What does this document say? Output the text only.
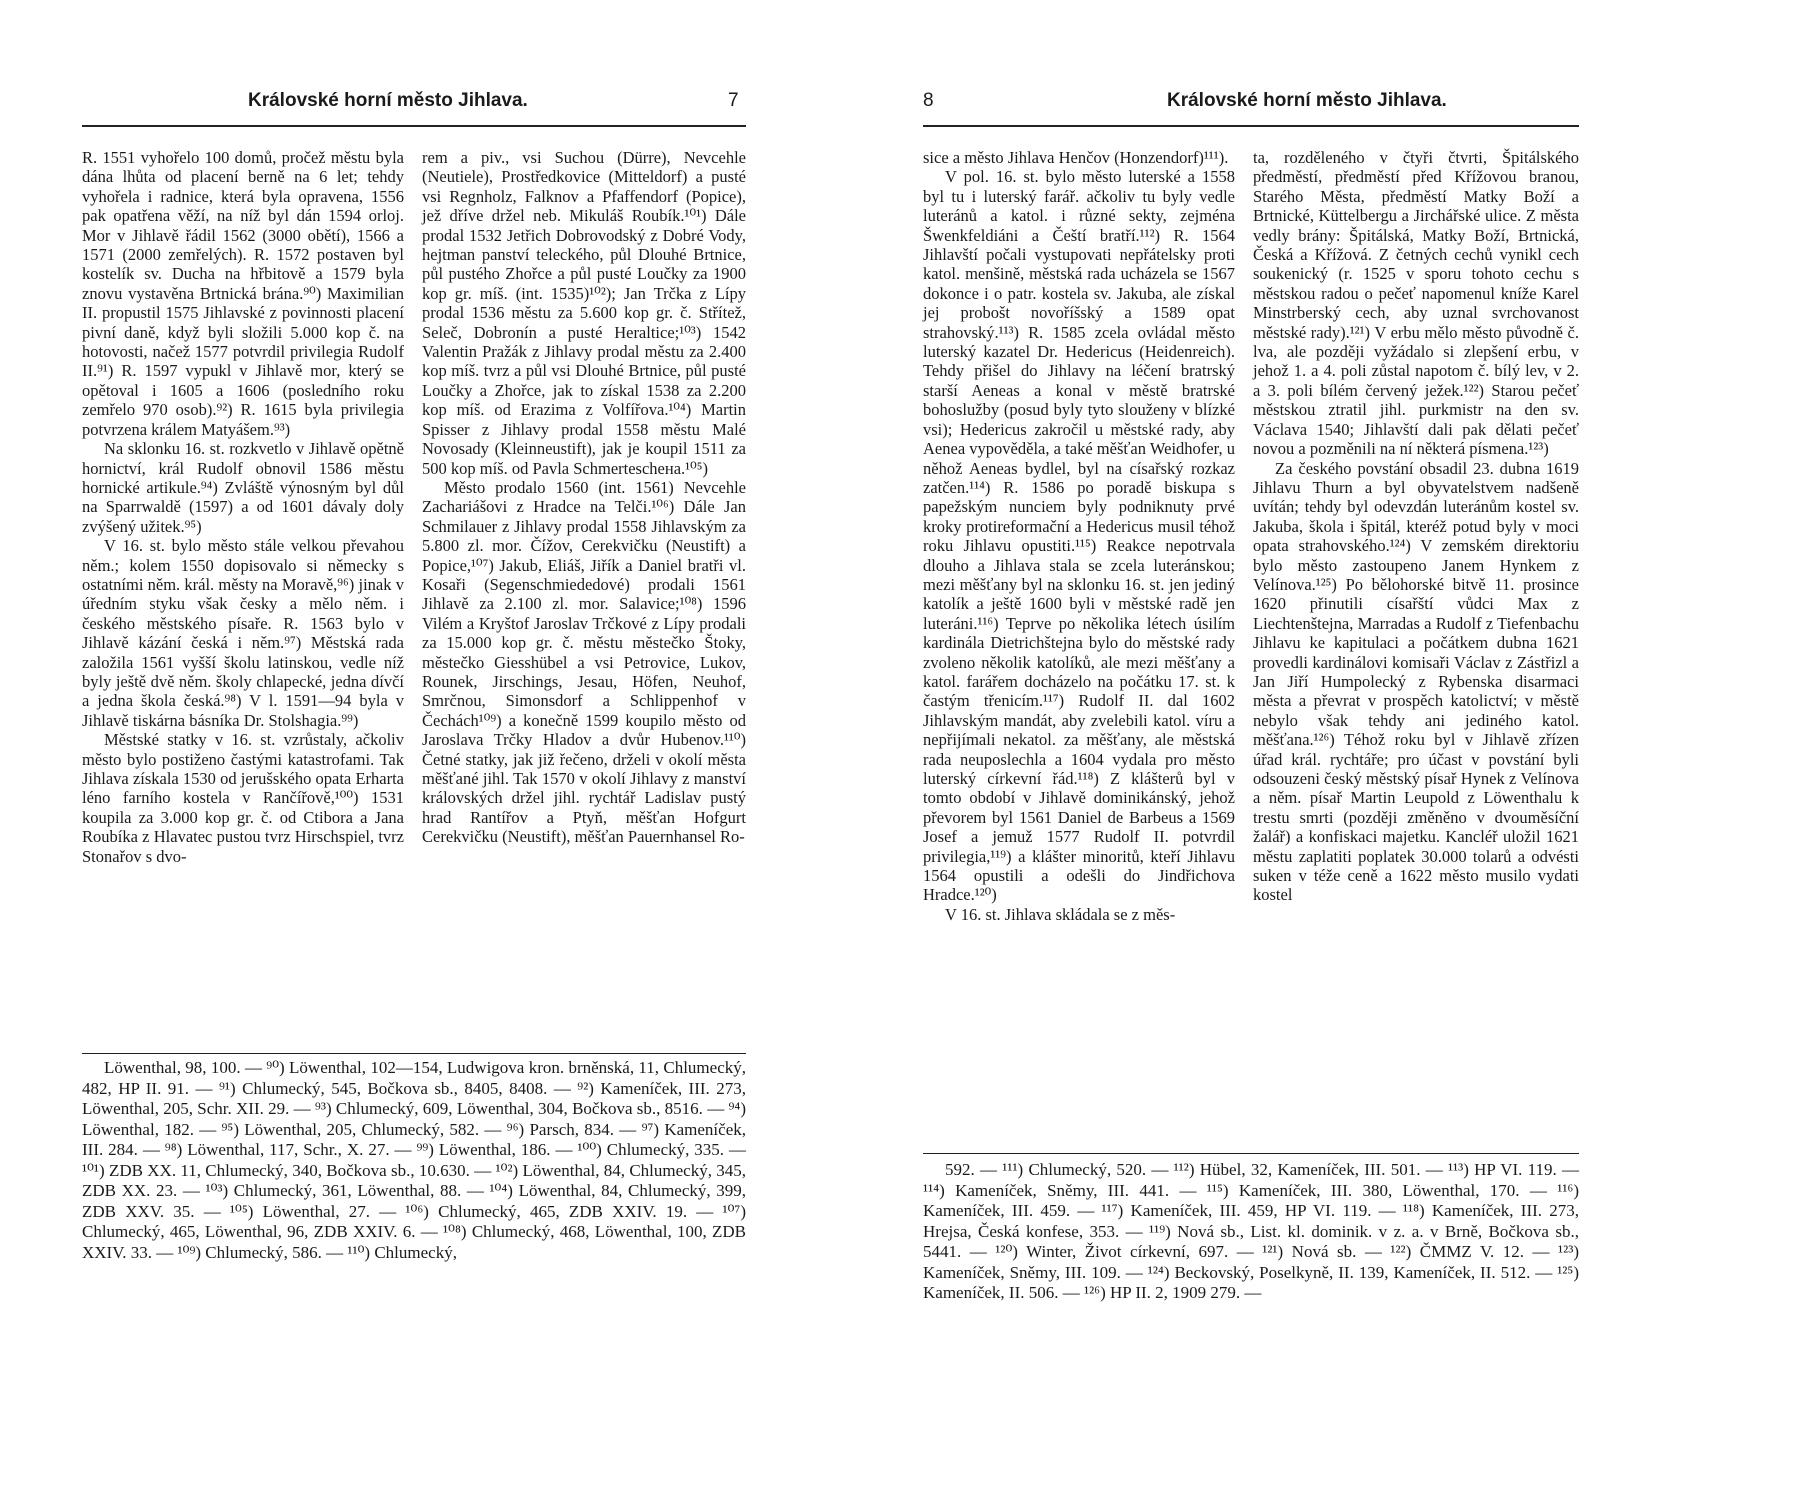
Královské horní město Jihlava.	7

R. 1551 vyhořelo 100 domů, pročež městu byla dána lhůta od placení berně na 6 let; tehdy vyhořela i radnice, která byla opravena, 1556 pak opatřena věží, na níž byl dán 1594 orloj. Mor v Jihlavě řádil 1562 (3000 obětí), 1566 a 1571 (2000 zemřelých). R. 1572 postaven byl kostelík sv. Ducha na hřbitově a 1579 byla znovu vystavěna Brtnická brána.⁹⁰) Maximilian II. propustil 1575 Jihlavské z povinnosti placení pivní daně, když byli složili 5.000 kop č. na hotovosti, načež 1577 potvrdil privilegia Rudolf II.⁹¹) R. 1597 vypukl v Jihlavě mor, který se opětoval i 1605 a 1606 (posledního roku zemřelo 970 osob).⁹²) R. 1615 byla privilegia potvrzena králem Matyášem.⁹³)

Na sklonku 16. st. rozkvetlo v Jihlavě opětně hornictví, král Rudolf obnovil 1586 městu hornické artikule.⁹⁴) Zvláště výnosným byl důl na Sparrwaldě (1597) a od 1601 dávaly doly zvýšený užitek.⁹⁵)

V 16. st. bylo město stále velkou převahou něm.; kolem 1550 dopisovalo si německy s ostatními něm. král. městy na Moravě,⁹⁶) jinak v úředním styku však česky a mělo něm. i českého městského písaře. R. 1563 bylo v Jihlavě kázání česká i něm.⁹⁷) Městská rada založila 1561 vyšší školu latinskou, vedle níž byly ještě dvě něm. školy chlapecké, jedna dívčí a jedna škola česká.⁹⁸) V l. 1591—94 byla v Jihlavě tiskárna básníka Dr. Stolshagia.⁹⁹)

Městské statky v 16. st. vzrůstaly, ačkoliv město bylo postiženo častými katastrofami. Tak Jihlava získala 1530 od jerušského opata Erharta léno farního kostela v Rančířově,¹⁰⁰) 1531 koupila za 3.000 kop gr. č. od Ctibora a Jana Roubíka z Hlavatec pustou tvrz Hirschspiel, tvrz Stonařov s dvo-

rem a piv., vsi Suchou (Dürre), Nevcehle (Neutiele), Prostředkovice (Mitteldorf) a pusté vsi Regnholz, Falknov a Pfaffendorf (Popice), jež dříve držel neb. Mikuláš Roubík.¹⁰¹) Dále prodal 1532 Jetřich Dobrovodský z Dobré Vody, hejtman panství teleckého, půl Dlouhé Brtnice, půl pustého Zhořce a půl pusté Loučky za 1900 kop gr. míš. (int. 1535)¹⁰²); Jan Trčka z Lípy prodal 1536 městu za 5.600 kop gr. č. Střítež, Seleč, Dobronín a pusté Heraltice;¹⁰³) 1542 Valentin Pražák z Jihlavy prodal městu za 2.400 kop míš. tvrz a půl vsi Dlouhé Brtnice, půl pusté Loučky a Zhořce, jak to získal 1538 za 2.200 kop míš. od Erazima z Volfířova.¹⁰⁴) Martin Spisser z Jihlavy prodal 1558 městu Malé Novosady (Kleinneustift), jak je koupil 1511 za 500 kop míš. od Pavla Schmertescheна.¹⁰⁵)

Město prodalo 1560 (int. 1561) Nevcehle Zachariášovi z Hradce na Telči.¹⁰⁶) Dále Jan Schmilauer z Jihlavy prodal 1558 Jihlavským za 5.800 zl. mor. Čížov, Cerekvičku (Neustift) a Popice,¹⁰⁷) Jakub, Eliáš, Jiřík a Daniel bratři vl. Kosaři (Segenschmiededové) prodali 1561 Jihlavě za 2.100 zl. mor. Salavice;¹⁰⁸) 1596 Vilém a Kryštof Jaroslav Trčkové z Lípy prodali za 15.000 kop gr. č. městu městečko Štoky, městečko Giesshübel a vsi Petrovice, Lukov, Rounek, Jirschings, Jesau, Höfen, Neuhof, Smrčnou, Simonsdorf a Schlippenhof v Čechách¹⁰⁹) a konečně 1599 koupilo město od Jaroslava Trčky Hladov a dvůr Hubenov.¹¹⁰) Četné statky, jak již řečeno, drželi v okolí města měšťané jihl. Tak 1570 v okolí Jihlavy z manství královských držel jihl. rychtář Ladislav pustý hrad Rantířov a Ptyň, měšťan Hofgurt Cerekvičku (Neustift), měšťan Pauernhansel Ro-

Löwenthal, 98, 100. — ⁹⁰) Löwenthal, 102—154, Ludwigova kron. brněnská, 11, Chlumecký, 482, HP II. 91. — ⁹¹) Chlumecký, 545, Bočkova sb., 8405, 8408. — ⁹²) Kameníček, III. 273, Löwenthal, 205, Schr. XII. 29. — ⁹³) Chlumecký, 609, Löwenthal, 304, Bočkova sb., 8516. — ⁹⁴) Löwenthal, 182. — ⁹⁵) Löwenthal, 205, Chlumecký, 582. — ⁹⁶) Parsch, 834. — ⁹⁷) Kameníček, III. 284. — ⁹⁸) Löwenthal, 117, Schr., X. 27. — ⁹⁹) Löwenthal, 186. — ¹⁰⁰) Chlumecký, 335. — ¹⁰¹) ZDB XX. 11, Chlumecký, 340, Bočkova sb., 10.630. — ¹⁰²) Löwenthal, 84, Chlumecký, 345, ZDB XX. 23. — ¹⁰³) Chlumecký, 361, Löwenthal, 88. — ¹⁰⁴) Löwenthal, 84, Chlumecký, 399, ZDB XXV. 35. — ¹⁰⁵) Löwenthal, 27. — ¹⁰⁶) Chlumecký, 465, ZDB XXIV. 19. — ¹⁰⁷) Chlumecký, 465, Löwenthal, 96, ZDB XXIV. 6. — ¹⁰⁸) Chlumecký, 468, Löwenthal, 100, ZDB XXIV. 33. — ¹⁰⁹) Chlumecký, 586. — ¹¹⁰) Chlumecký,
8	Královské horní město Jihlava.

sice a město Jihlava Henčov (Honzendorf)¹¹¹).

V pol. 16. st. bylo město luterské a 1558 byl tu i luterský farář. ačkoliv tu byly vedle luteránů a katol. i různé sekty, zejména Šwenkfeldiáni a Čeští bratří.¹¹²) R. 1564 Jihlavští počali vystupovati nepřátelsky proti katol. menšině, městská rada ucházela se 1567 dokonce i o patr. kostela sv. Jakuba, ale získal jej probošt novoříšský a 1589 opat strahovský.¹¹³) R. 1585 zcela ovládal město luterský kazatel Dr. Hedericus (Heidenreich). Tehdy přišel do Jihlavy na léčení bratrský starší Aeneas a konal v městě bratrské bohoslužby (posud byly tyto slouženy v blízké vsi); Hedericus zakročil u městské rady, aby Aenea vypověděla, a také měšťan Weidhofer, u něhož Aeneas bydlel, byl na císařský rozkaz zatčen.¹¹⁴) R. 1586 po poradě biskupa s papežským nunciem byly podniknuty prvé kroky protireformační a Hedericus musil téhož roku Jihlavu opustiti.¹¹⁵) Reakce nepotrvala dlouho a Jihlava stala se zcela luteránskou; mezi měšťany byl na sklonku 16. st. jen jediný katolík a ještě 1600 byli v městské radě jen luteráni.¹¹⁶) Teprve po několika létech úsilím kardinála Dietrichštejna bylo do městské rady zvoleno několik katolíků, ale mezi měšťany a katol. farářem docházelo na počátku 17. st. k častým třenicím.¹¹⁷) Rudolf II. dal 1602 Jihlavským mandát, aby zvelebili katol. víru a nepřijímali nekatol. za měšťany, ale městská rada neuposlechla a 1604 vydala pro město luterský církevní řád.¹¹⁸) Z klášterů byl v tomto období v Jihlavě dominikánský, jehož převorem byl 1561 Daniel de Barbeus a 1569 Josef a jemuž 1577 Rudolf II. potvrdil privilegia,¹¹⁹) a klášter minoritů, kteří Jihlavu 1564 opustili a odešli do Jindřichova Hradce.¹²⁰)

V 16. st. Jihlava skládala se z měs-

ta, rozděleného v čtyři čtvrti, Špitálského předměstí, předměstí před Křížovou branou, Starého Města, předměstí Matky Boží a Brtnické, Küttelbergu a Jirchářské ulice. Z města vedly brány: Špitálská, Matky Boží, Brtnická, Česká a Křížová. Z četných cechů vynikl cech soukenický (r. 1525 v sporu tohoto cechu s městskou radou o pečeť napomenul kníže Karel Minstrberský cech, aby uznal svrchovanost městské rady).¹²¹) V erbu mělo město původně č. lva, ale později vyžádalo si zlepšení erbu, v jehož 1. a 4. poli zůstal napotom č. bílý lev, v 2. a 3. poli bílém červený ježek.¹²²) Starou pečeť městskou ztratil jihl. purkmistr na den sv. Václava 1540; Jihlavští dali pak dělati pečeť novou a pozměnili na ní některá písmena.¹²³)

Za českého povstání obsadil 23. dubna 1619 Jihlavu Thurn a byl obyvatelstvem nadšeně uvítán; tehdy byl odevzdán luteránům kostel sv. Jakuba, škola i špitál, kteréž potud byly v moci opata strahovského.¹²⁴) V zemském direktoriu bylo město zastoupeno Janem Hynkem z Velínova.¹²⁵) Po bělohorské bitvě 11. prosince 1620 přinutili císařští vůdci Max z Liechtenštejna, Marradas a Rudolf z Tiefenbachu Jihlavu ke kapitulaci a počátkem dubna 1621 provedli kardinálovi komisaři Václav z Zástřizl a Jan Jiří Humpolecký z Rybenska disarmaci města a převrat v prospěch katolictví; v městě nebylo však tehdy ani jediného katol. měšťana.¹²⁶) Téhož roku byl v Jihlavě zřízen úřad král. rychtáře; pro účast v povstání byli odsouzeni český městský písař Hynek z Velínova a něm. písař Martin Leupold z Löwenthalu k trestu smrti (později změněno v dvouměsíční žalář) a konfiskaci majetku. Kancléř uložil 1621 městu zaplatiti poplatek 30.000 tolarů a odvésti suken v téže ceně a 1622 město musilo vydati kostel

592. — ¹¹¹) Chlumecký, 520. — ¹¹²) Hübel, 32, Kameníček, III. 501. — ¹¹³) HP VI. 119. — ¹¹⁴) Kameníček, Sněmy, III. 441. — ¹¹⁵) Kameníček, III. 380, Löwenthal, 170. — ¹¹⁶) Kameníček, III. 459. — ¹¹⁷) Kameníček, III. 459, HP VI. 119. — ¹¹⁸) Kameníček, III. 273, Hrejsa, Česká konfese, 353. — ¹¹⁹) Nová sb., List. kl. dominik. v z. a. v Brně, Bočkova sb., 5441. — ¹²⁰) Winter, Život církevní, 697. — ¹²¹) Nová sb. — ¹²²) ČMMZ V. 12. — ¹²³) Kameníček, Sněmy, III. 109. — ¹²⁴) Beckovský, Poselkyně, II. 139, Kameníček, II. 512. — ¹²⁵) Kameníček, II. 506. — ¹²⁶) HP II. 2, 1909 279. —
